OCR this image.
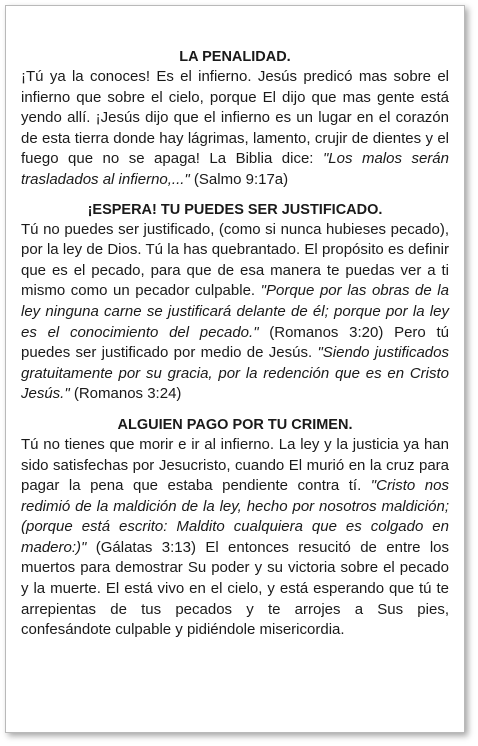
LA PENALIDAD.

¡Tú ya la conoces! Es el infierno. Jesús predicó mas sobre el infierno que sobre el cielo, porque El dijo que mas gente está yendo allí. ¡Jesús dijo que el infierno es un lugar en el corazón de esta tierra donde hay lágrimas, lamento, crujir de dientes y el fuego que no se apaga! La Biblia dice: "Los malos serán trasladados al infierno,..." (Salmo 9:17a)

¡ESPERA! TU PUEDES SER JUSTIFICADO.

Tú no puedes ser justificado, (como si nunca hubieses pecado), por la ley de Dios. Tú la has quebrantado. El propósito es definir que es el pecado, para que de esa manera te puedas ver a ti mismo como un pecador culpable. "Porque por las obras de la ley ninguna carne se justificará delante de él; porque por la ley es el conocimiento del pecado." (Romanos 3:20) Pero tú puedes ser justificado por medio de Jesús. "Siendo justificados gratuitamente por su gracia, por la redención que es en Cristo Jesús." (Romanos 3:24)

ALGUIEN PAGO POR TU CRIMEN.

Tú no tienes que morir e ir al infierno. La ley y la justicia ya han sido satisfechas por Jesucristo, cuando El murió en la cruz para pagar la pena que estaba pendiente contra tí. "Cristo nos redimió de la maldición de la ley, hecho por nosotros maldición; (porque está escrito: Maldito cualquiera que es colgado en madero:)" (Gálatas 3:13) El entonces resucitó de entre los muertos para demostrar Su poder y su victoria sobre el pecado y la muerte. El está vivo en el cielo, y está esperando que tú te arrepientas de tus pecados y te arrojes a Sus pies, confesándote culpable y pidiéndole misericordia.
